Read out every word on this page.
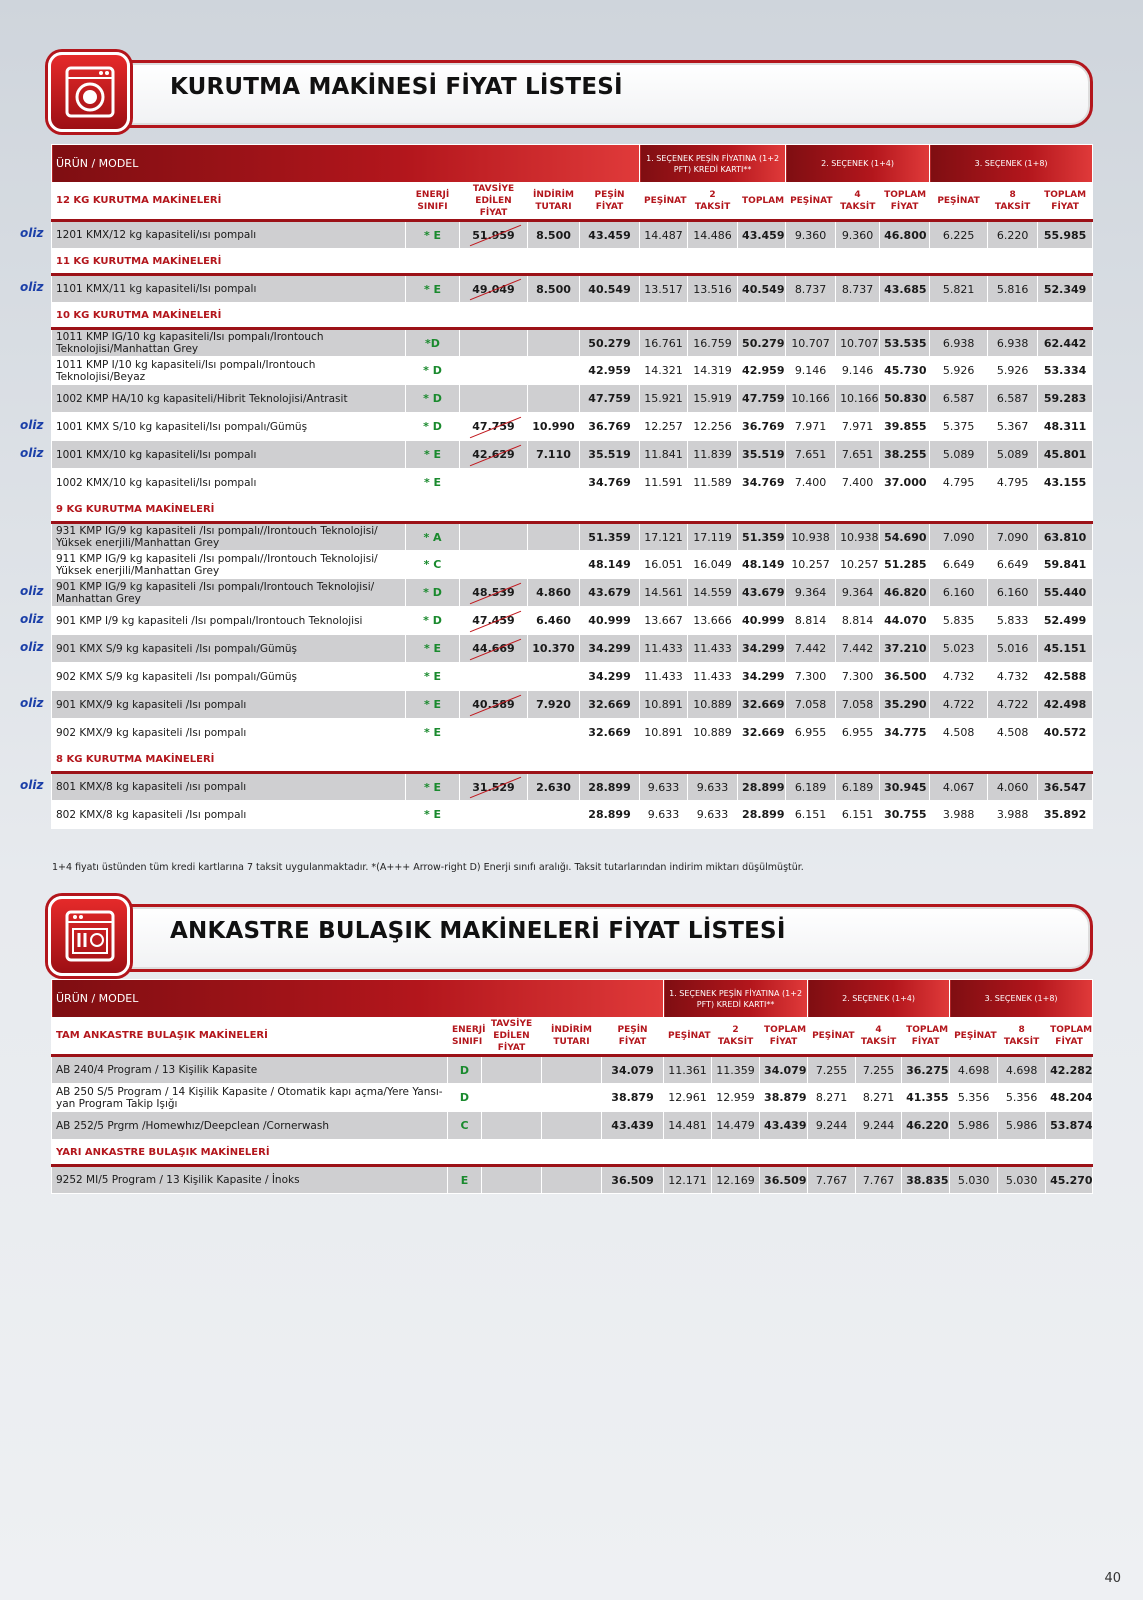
KURUTMA MAKİNESİ FİYAT LİSTESİ
ÜRÜN / MODEL					1. SEÇENEK PEŞİN FİYATINA (1+2 PFT) KREDİ KARTI**			2. SEÇENEK (1+4)			3. SEÇENEK (1+8)		
12 KG KURUTMA MAKİNELERİ	ENERJİ SINIFI	TAVSİYE EDİLEN FİYAT	İNDİRİM TUTARI	PEŞİN FİYAT	PEŞİNAT	2 TAKSİT	TOPLAM	PEŞİNAT	4 TAKSİT	TOPLAM FİYAT	PEŞİNAT	8 TAKSİT	TOPLAM FİYAT
1201 KMX/12 kg kapasiteli/ısı pompalı	* E	51.959	8.500	43.459	14.487	14.486	43.459	9.360	9.360	46.800	6.225	6.220	55.985
11 KG KURUTMA MAKİNELERİ													
1101 KMX/11 kg kapasiteli/Isı pompalı	* E	49.049	8.500	40.549	13.517	13.516	40.549	8.737	8.737	43.685	5.821	5.816	52.349
10 KG KURUTMA MAKİNELERİ													
1011 KMP IG/10 kg kapasiteli/Isı pompalı/Irontouch Teknolojisi/Manhattan Grey	*D			50.279	16.761	16.759	50.279	10.707	10.707	53.535	6.938	6.938	62.442
1011 KMP I/10 kg kapasiteli/Isı pompalı/Irontouch Teknolojisi/Beyaz	* D			42.959	14.321	14.319	42.959	9.146	9.146	45.730	5.926	5.926	53.334
1002 KMP HA/10 kg kapasiteli/Hibrit Teknolojisi/Antrasit	* D			47.759	15.921	15.919	47.759	10.166	10.166	50.830	6.587	6.587	59.283
1001 KMX S/10 kg kapasiteli/Isı pompalı/Gümüş	* D	47.759	10.990	36.769	12.257	12.256	36.769	7.971	7.971	39.855	5.375	5.367	48.311
1001 KMX/10 kg kapasiteli/Isı pompalı	* E	42.629	7.110	35.519	11.841	11.839	35.519	7.651	7.651	38.255	5.089	5.089	45.801
1002 KMX/10 kg kapasiteli/Isı pompalı	* E			34.769	11.591	11.589	34.769	7.400	7.400	37.000	4.795	4.795	43.155
9 KG KURUTMA MAKİNELERİ													
931 KMP IG/9 kg kapasiteli /Isı pompalı//Irontouch Teknolojisi/ Yüksek enerjili/Manhattan Grey	* A			51.359	17.121	17.119	51.359	10.938	10.938	54.690	7.090	7.090	63.810
911 KMP IG/9 kg kapasiteli /Isı pompalı//Irontouch Teknolojisi/ Yüksek enerjili/Manhattan Grey	* C			48.149	16.051	16.049	48.149	10.257	10.257	51.285	6.649	6.649	59.841
901 KMP IG/9 kg kapasiteli /Isı pompalı/Irontouch Teknolojisi/ Manhattan Grey	* D	48.539	4.860	43.679	14.561	14.559	43.679	9.364	9.364	46.820	6.160	6.160	55.440
901 KMP I/9 kg kapasiteli /Isı pompalı/Irontouch Teknolojisi	* D	47.459	6.460	40.999	13.667	13.666	40.999	8.814	8.814	44.070	5.835	5.833	52.499
901 KMX S/9 kg kapasiteli /Isı pompalı/Gümüş	* E	44.669	10.370	34.299	11.433	11.433	34.299	7.442	7.442	37.210	5.023	5.016	45.151
902 KMX S/9 kg kapasiteli /Isı pompalı/Gümüş	* E			34.299	11.433	11.433	34.299	7.300	7.300	36.500	4.732	4.732	42.588
901 KMX/9 kg kapasiteli /Isı pompalı	* E	40.589	7.920	32.669	10.891	10.889	32.669	7.058	7.058	35.290	4.722	4.722	42.498
902 KMX/9 kg kapasiteli /Isı pompalı	* E			32.669	10.891	10.889	32.669	6.955	6.955	34.775	4.508	4.508	40.572
8 KG KURUTMA MAKİNELERİ													
801 KMX/8 kg kapasiteli /ısı pompalı	* E	31.529	2.630	28.899	9.633	9.633	28.899	6.189	6.189	30.945	4.067	4.060	36.547
802 KMX/8 kg kapasiteli /Isı pompalı	* E			28.899	9.633	9.633	28.899	6.151	6.151	30.755	3.988	3.988	35.892
1+4 fiyatı üstünden tüm kredi kartlarına 7 taksit uygulanmaktadır. *(A+++ Arrow-right D) Enerji sınıfı aralığı. Taksit tutarlarından indirim miktarı düşülmüştür.
ANKASTRE BULAŞIK MAKİNELERİ FİYAT LİSTESİ
ÜRÜN / MODEL					1. SEÇENEK PEŞİN FİYATINA (1+2 PFT) KREDİ KARTI**			2. SEÇENEK (1+4)			3. SEÇENEK (1+8)		
TAM ANKASTRE BULAŞIK MAKİNELERİ	ENERJİ SINIFI	TAVSİYE EDİLEN FİYAT	İNDİRİM TUTARI	PEŞİN FİYAT	PEŞİNAT	2 TAKSİT	TOPLAM FİYAT	PEŞİNAT	4 TAKSİT	TOPLAM FİYAT	PEŞİNAT	8 TAKSİT	TOPLAM FİYAT
AB 240/4 Program / 13 Kişilik Kapasite	D			34.079	11.361	11.359	34.079	7.255	7.255	36.275	4.698	4.698	42.282
AB 250 S/5 Program / 14 Kişilik Kapasite / Otomatik kapı açma/Yere Yansı-yan Program Takip Işığı	D			38.879	12.961	12.959	38.879	8.271	8.271	41.355	5.356	5.356	48.204
AB 252/5 Prgrm /Homewhız/Deepclean /Cornerwash	C			43.439	14.481	14.479	43.439	9.244	9.244	46.220	5.986	5.986	53.874
YARI ANKASTRE BULAŞIK MAKİNELERİ													
9252 MI/5 Program / 13 Kişilik Kapasite / İnoks	E			36.509	12.171	12.169	36.509	7.767	7.767	38.835	5.030	5.030	45.270
40
oliz
oliz
oliz
oliz
oliz
oliz
oliz
oliz
oliz
